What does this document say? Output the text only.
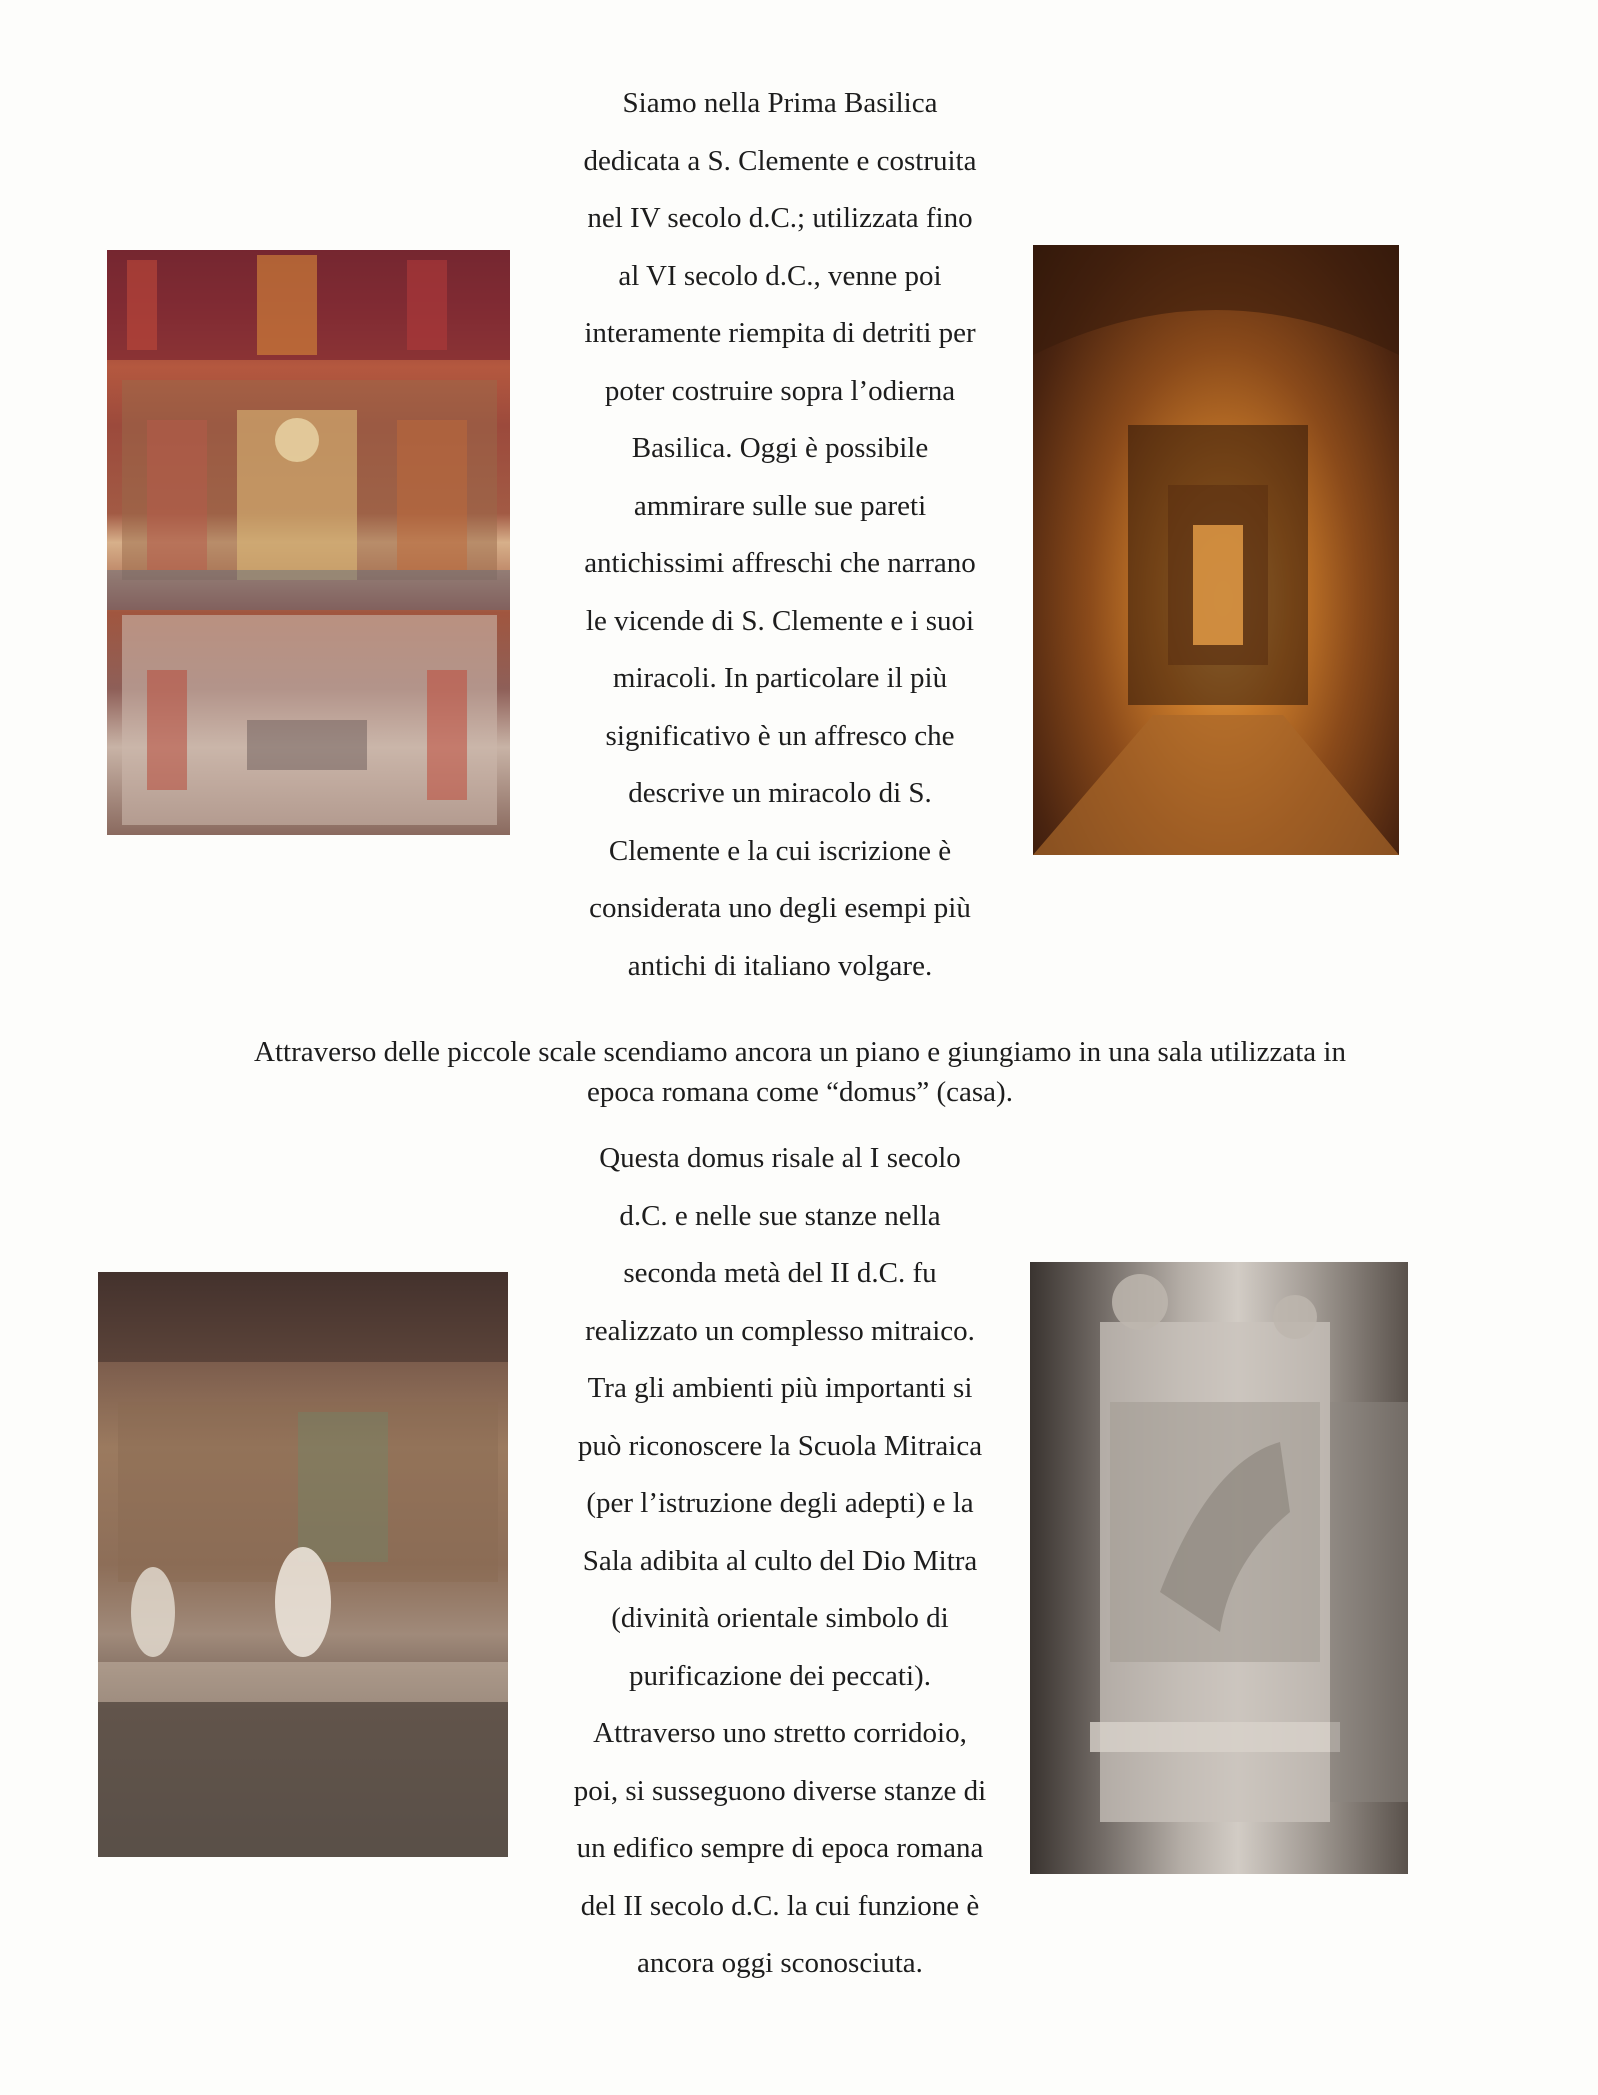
Siamo nella Prima Basilica
dedicata a S. Clemente e costruita
nel IV secolo d.C.; utilizzata fino
al VI secolo d.C., venne poi
interamente riempita di detriti per
poter costruire sopra l’odierna
Basilica. Oggi è possibile
ammirare sulle sue pareti
antichissimi affreschi che narrano
le vicende di S. Clemente e i suoi
miracoli. In particolare il più
significativo è un affresco che
descrive un miracolo di S.
Clemente e la cui iscrizione è
considerata uno degli esempi più
antichi di italiano volgare.
Attraverso delle piccole scale scendiamo ancora un piano e giungiamo in una sala utilizzata in
epoca romana come “domus” (casa).
Questa domus risale al I secolo
d.C. e nelle sue stanze nella
seconda metà del II d.C. fu
realizzato un complesso mitraico.
Tra gli ambienti più importanti si
può riconoscere la Scuola Mitraica
(per l’istruzione degli adepti) e la
Sala adibita al culto del Dio Mitra
(divinità orientale simbolo di
purificazione dei peccati).
Attraverso uno stretto corridoio,
poi, si susseguono diverse stanze di
un edifico sempre di epoca romana
del II secolo d.C. la cui funzione è
ancora oggi sconosciuta.
